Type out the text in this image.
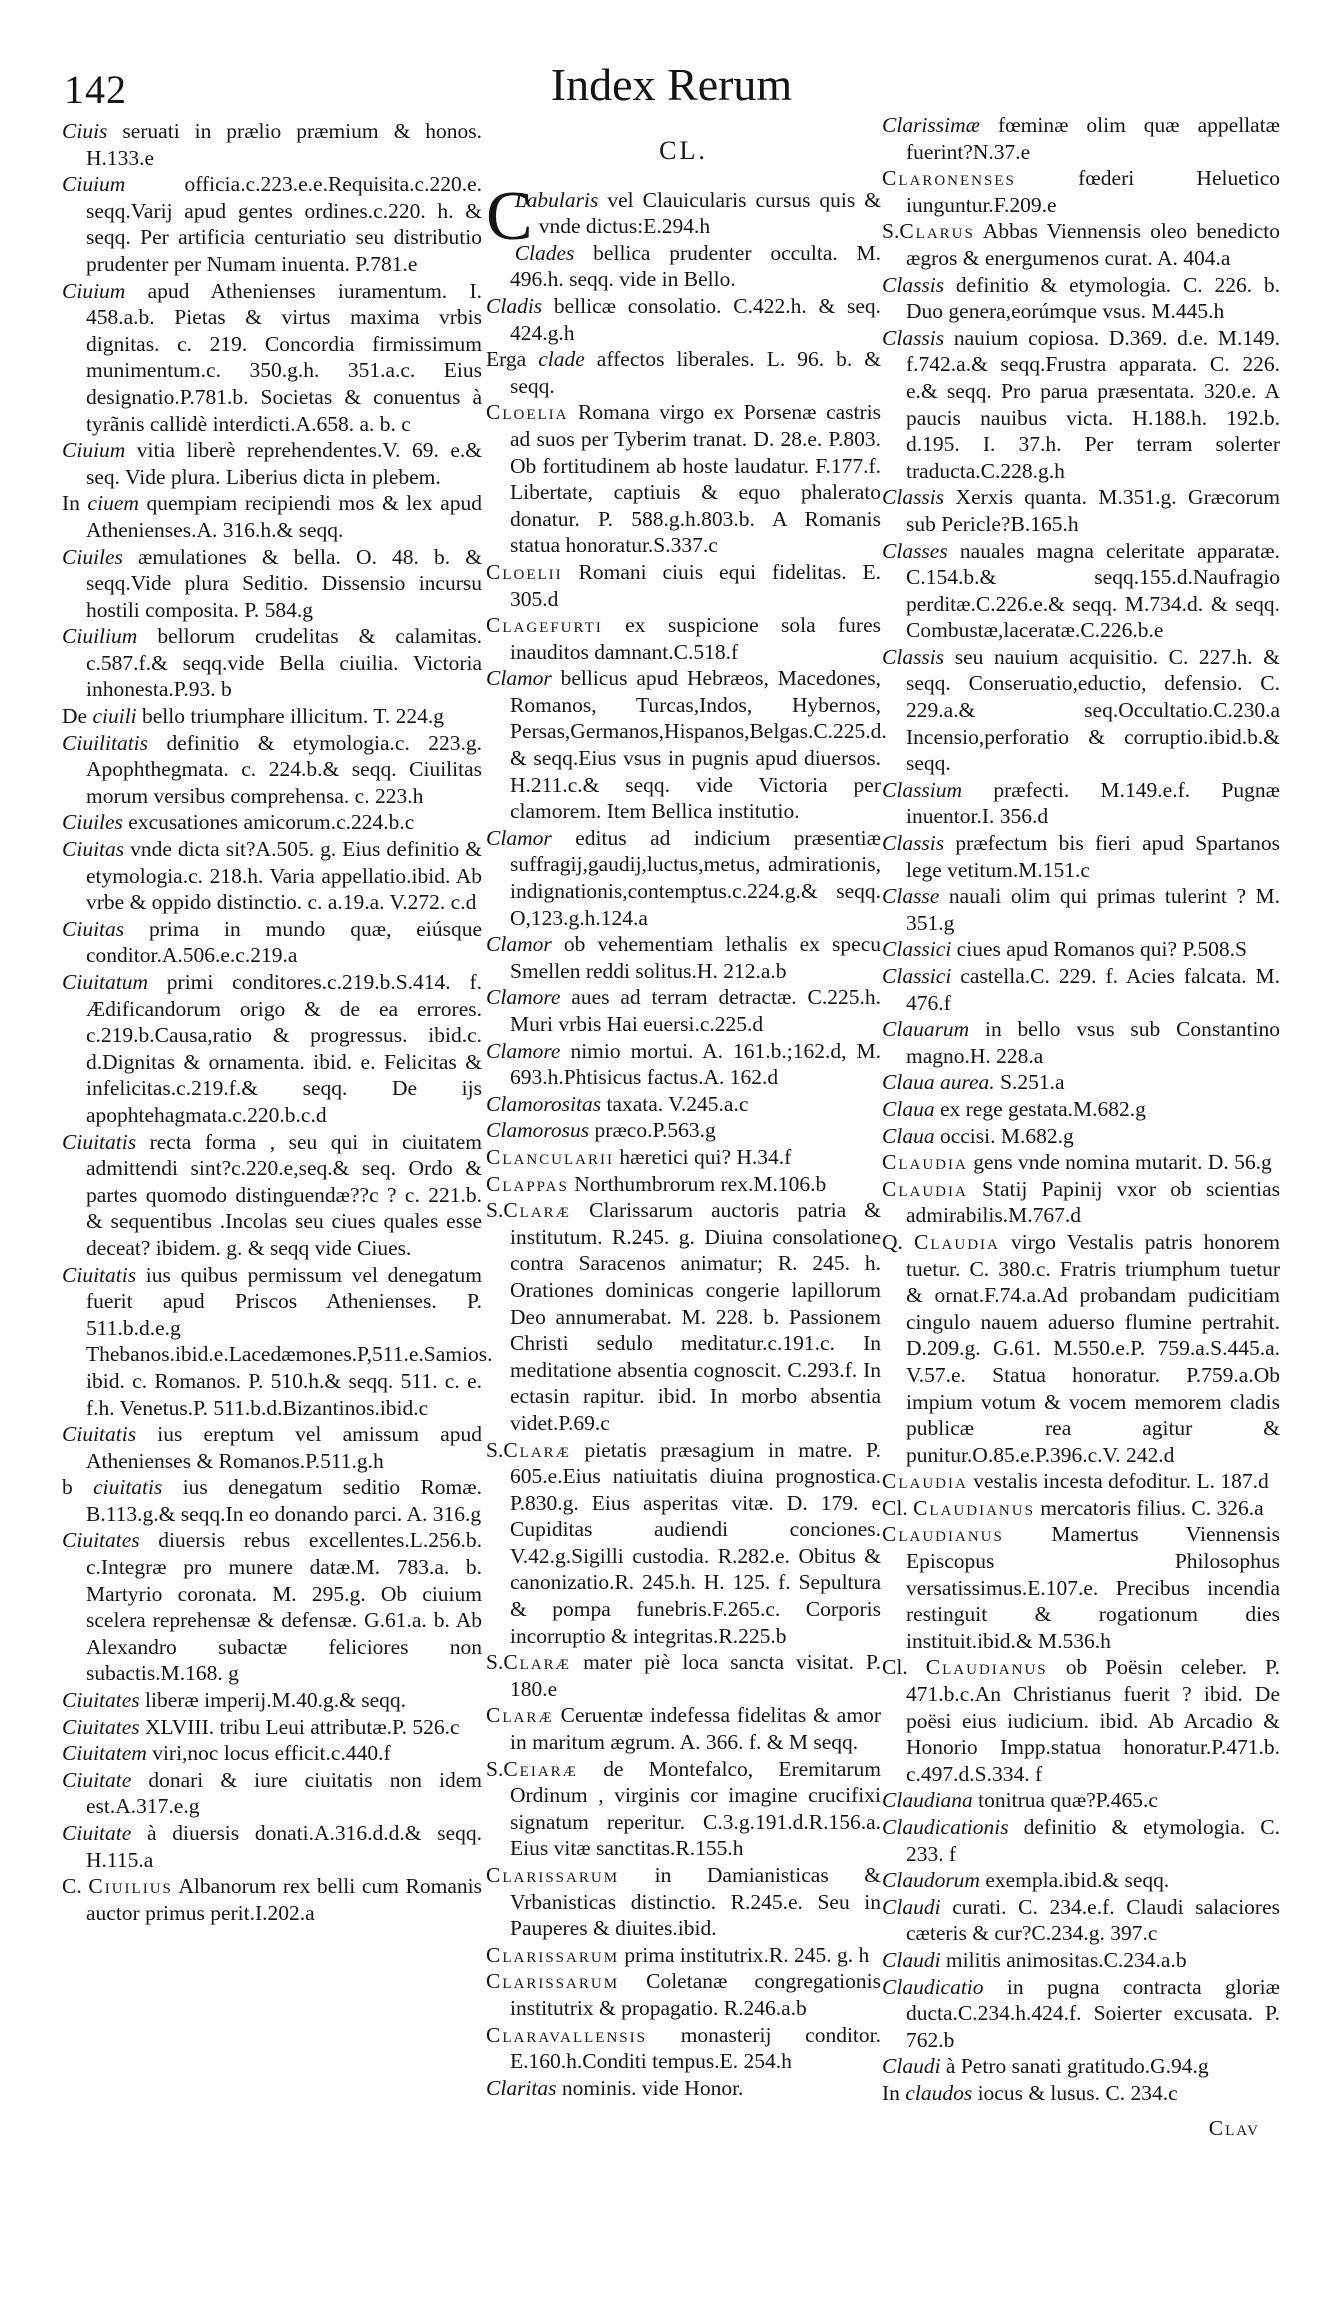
142	Index Rerum

Ciuis seruati in prælio præmium & honos. H.133.e

Ciuium officia.c.223.e.e.Requisita.c.220.e. seqq.Varij apud gentes ordines.c.220. h. & seqq. Per artificia centuriatio seu distributio prudenter per Numam inuenta. P.781.e

Ciuium apud Athenienses iuramentum. I. 458.a.b. Pietas & virtus maxima vrbis dignitas. c. 219. Concordia firmissimum munimentum.c. 350.g.h. 351.a.c. Eius designatio.P.781.b. Societas & conuentus à tyrãnis callidè interdicti.A.658. a. b. c

Ciuium vitia liberè reprehendentes.V. 69. e.& seq. Vide plura. Liberius dicta in plebem.

In ciuem quempiam recipiendi mos & lex apud Athenienses.A. 316.h.& seqq.

Ciuiles æmulationes & bella. O. 48. b. & seqq.Vide plura Seditio. Dissensio incursu hostili composita. P. 584.g

Ciuilium bellorum crudelitas & calamitas. c.587.f.& seqq.vide Bella ciuilia. Victoria inhonesta.P.93. b

De ciuili bello triumphare illicitum. T. 224.g

Ciuilitatis definitio & etymologia.c. 223.g. Apophthegmata. c. 224.b.& seqq. Ciuilitas morum versibus comprehensa. c. 223.h

Ciuiles excusationes amicorum.c.224.b.c

Ciuitas vnde dicta sit?A.505. g. Eius definitio & etymologia.c. 218.h. Varia appellatio.ibid. Ab vrbe & oppido distinctio. c. a.19.a. V.272. c.d

Ciuitas prima in mundo quæ, eiúsque conditor.A.506.e.c.219.a

Ciuitatum primi conditores.c.219.b.S.414. f. Ædificandorum origo & de ea errores. c.219.b.Causa,ratio & progressus. ibid.c. d.Dignitas & ornamenta. ibid. e. Felicitas & infelicitas.c.219.f.& seqq. De ijs apophtehagmata.c.220.b.c.d

Ciuitatis recta forma , seu qui in ciuitatem admittendi sint?c.220.e,seq.& seq. Ordo & partes quomodo distinguendæ??c ? c. 221.b. & sequentibus .Incolas seu ciues quales esse deceat? ibidem. g. & seqq vide Ciues.

Ciuitatis ius quibus permissum vel denegatum fuerit apud Priscos Athenienses. P. 511.b.d.e.g Thebanos.ibid.e.Lacedæmones.P,511.e.Samios. ibid. c. Romanos. P. 510.h.& seqq. 511. c. e. f.h. Venetus.P. 511.b.d.Bizantinos.ibid.c

Ciuitatis ius ereptum vel amissum apud Athenienses & Romanos.P.511.g.h

b ciuitatis ius denegatum seditio Romæ. B.113.g.& seqq.In eo donando parci. A. 316.g

Ciuitates diuersis rebus excellentes.L.256.b. c.Integræ pro munere datæ.M. 783.a. b. Martyrio coronata. M. 295.g. Ob ciuium scelera reprehensæ & defensæ. G.61.a. b. Ab Alexandro subactæ feliciores non subactis.M.168. g

Ciuitates liberæ imperij.M.40.g.& seqq.

Ciuitates XLVIII. tribu Leui attributæ.P. 526.c

Ciuitatem viri,noc locus efficit.c.440.f

Ciuitate donari & iure ciuitatis non idem est.A.317.e.g

Ciuitate à diuersis donati.A.316.d.d.& seqq. H.115.a

C. Ciuilius Albanorum rex belli cum Romanis auctor primus perit.I.202.a

CL.

C
Labularis vel Clauicularis cursus quis & vnde dictus:E.294.h

Clades bellica prudenter occulta. M. 496.h. seqq. vide in Bello.

Cladis bellicæ consolatio. C.422.h. & seq. 424.g.h

Erga clade affectos liberales. L. 96. b. & seqq.

Cloelia Romana virgo ex Porsenæ castris ad suos per Tyberim tranat. D. 28.e. P.803. Ob fortitudinem ab hoste laudatur. F.177.f. Libertate, captiuis & equo phalerato donatur. P. 588.g.h.803.b. A Romanis statua honoratur.S.337.c

Cloelii Romani ciuis equi fidelitas. E. 305.d

Clagefurti ex suspicione sola fures inauditos damnant.C.518.f

Clamor bellicus apud Hebræos, Macedones, Romanos, Turcas,Indos, Hybernos, Persas,Germanos,Hispanos,Belgas.C.225.d. & seqq.Eius vsus in pugnis apud diuersos. H.211.c.& seqq. vide Victoria per clamorem. Item Bellica institutio.

Clamor editus ad indicium præsentiæ suffragij,gaudij,luctus,metus, admirationis, indignationis,contemptus.c.224.g.& seqq. O,123.g.h.124.a

Clamor ob vehementiam lethalis ex specu Smellen reddi solitus.H. 212.a.b

Clamore aues ad terram detractæ. C.225.h. Muri vrbis Hai euersi.c.225.d

Clamore nimio mortui. A. 161.b.;162.d, M. 693.h.Phtisicus factus.A. 162.d

Clamorositas taxata. V.245.a.c

Clamorosus præco.P.563.g

Clancularii hæretici qui? H.34.f

Clappas Northumbrorum rex.M.106.b

S.Claræ Clarissarum auctoris patria & institutum. R.245. g. Diuina consolatione contra Saracenos animatur; R. 245. h. Orationes dominicas congerie lapillorum Deo annumerabat. M. 228. b. Passionem Christi sedulo meditatur.c.191.c. In meditatione absentia cognoscit. C.293.f. In ectasin rapitur. ibid. In morbo absentia videt.P.69.c

S.Claræ pietatis præsagium in matre. P. 605.e.Eius natiuitatis diuina prognostica. P.830.g. Eius asperitas vitæ. D. 179. e Cupiditas audiendi conciones. V.42.g.Sigilli custodia. R.282.e. Obitus & canonizatio.R. 245.h. H. 125. f. Sepultura & pompa funebris.F.265.c. Corporis incorruptio & integritas.R.225.b

S.Claræ mater piè loca sancta visitat. P. 180.e

Claræ Ceruentæ indefessa fidelitas & amor in maritum ægrum. A. 366. f. & M seqq.

S.Ceiaræ de Montefalco, Eremitarum Ordinum , virginis cor imagine crucifixi signatum reperitur. C.3.g.191.d.R.156.a. Eius vitæ sanctitas.R.155.h

Clarissarum in Damianisticas & Vrbanisticas distinctio. R.245.e. Seu in Pauperes & diuites.ibid.

Clarissarum prima institutrix.R. 245. g. h

Clarissarum Coletanæ congregationis institutrix & propagatio. R.246.a.b

Claravallensis monasterij conditor. E.160.h.Conditi tempus.E. 254.h

Claritas nominis. vide Honor.

Clarissimæ fœminæ olim quæ appellatæ fuerint?N.37.e

Claronenses fœderi Heluetico iunguntur.F.209.e

S.Clarus Abbas Viennensis oleo benedicto ægros & energumenos curat. A. 404.a

Classis definitio & etymologia. C. 226. b. Duo genera,eorúmque vsus. M.445.h

Classis nauium copiosa. D.369. d.e. M.149. f.742.a.& seqq.Frustra apparata. C. 226. e.& seqq. Pro parua præsentata. 320.e. A paucis nauibus victa. H.188.h. 192.b. d.195. I. 37.h. Per terram solerter traducta.C.228.g.h

Classis Xerxis quanta. M.351.g. Græcorum sub Pericle?B.165.h

Classes nauales magna celeritate apparatæ. C.154.b.& seqq.155.d.Naufragio perditæ.C.226.e.& seqq. M.734.d. & seqq. Combustæ,laceratæ.C.226.b.e

Classis seu nauium acquisitio. C. 227.h. & seqq. Conseruatio,eductio, defensio. C. 229.a.& seq.Occultatio.C.230.a Incensio,perforatio & corruptio.ibid.b.& seqq.

Classium præfecti. M.149.e.f. Pugnæ inuentor.I. 356.d

Classis præfectum bis fieri apud Spartanos lege vetitum.M.151.c

Classe nauali olim qui primas tulerint ? M. 351.g

Classici ciues apud Romanos qui? P.508.S

Classici castella.C. 229. f. Acies falcata. M. 476.f

Clauarum in bello vsus sub Constantino magno.H. 228.a

Claua aurea. S.251.a

Claua ex rege gestata.M.682.g

Claua occisi. M.682.g

Claudia gens vnde nomina mutarit. D. 56.g

Claudia Statij Papinij vxor ob scientias admirabilis.M.767.d

Q. Claudia virgo Vestalis patris honorem tuetur. C. 380.c. Fratris triumphum tuetur & ornat.F.74.a.Ad probandam pudicitiam cingulo nauem aduerso flumine pertrahit. D.209.g. G.61. M.550.e.P. 759.a.S.445.a. V.57.e. Statua honoratur. P.759.a.Ob impium votum & vocem memorem cladis publicæ rea agitur & punitur.O.85.e.P.396.c.V. 242.d

Claudia vestalis incesta defoditur. L. 187.d

Cl. Claudianus mercatoris filius. C. 326.a

Claudianus Mamertus Viennensis Episcopus Philosophus versatissimus.E.107.e. Precibus incendia restinguit & rogationum dies instituit.ibid.& M.536.h

Cl. Claudianus ob Poësin celeber. P. 471.b.c.An Christianus fuerit ? ibid. De poësi eius iudicium. ibid. Ab Arcadio & Honorio Impp.statua honoratur.P.471.b. c.497.d.S.334. f

Claudiana tonitrua quæ?P.465.c

Claudicationis definitio & etymologia. C. 233. f

Claudorum exempla.ibid.& seqq.

Claudi curati. C. 234.e.f. Claudi salaciores cæteris & cur?C.234.g. 397.c

Claudi militis animositas.C.234.a.b

Claudicatio in pugna contracta gloriæ ducta.C.234.h.424.f. Soierter excusata. P. 762.b

Claudi à Petro sanati gratitudo.G.94.g

In claudos iocus & lusus. C. 234.c

Clav
